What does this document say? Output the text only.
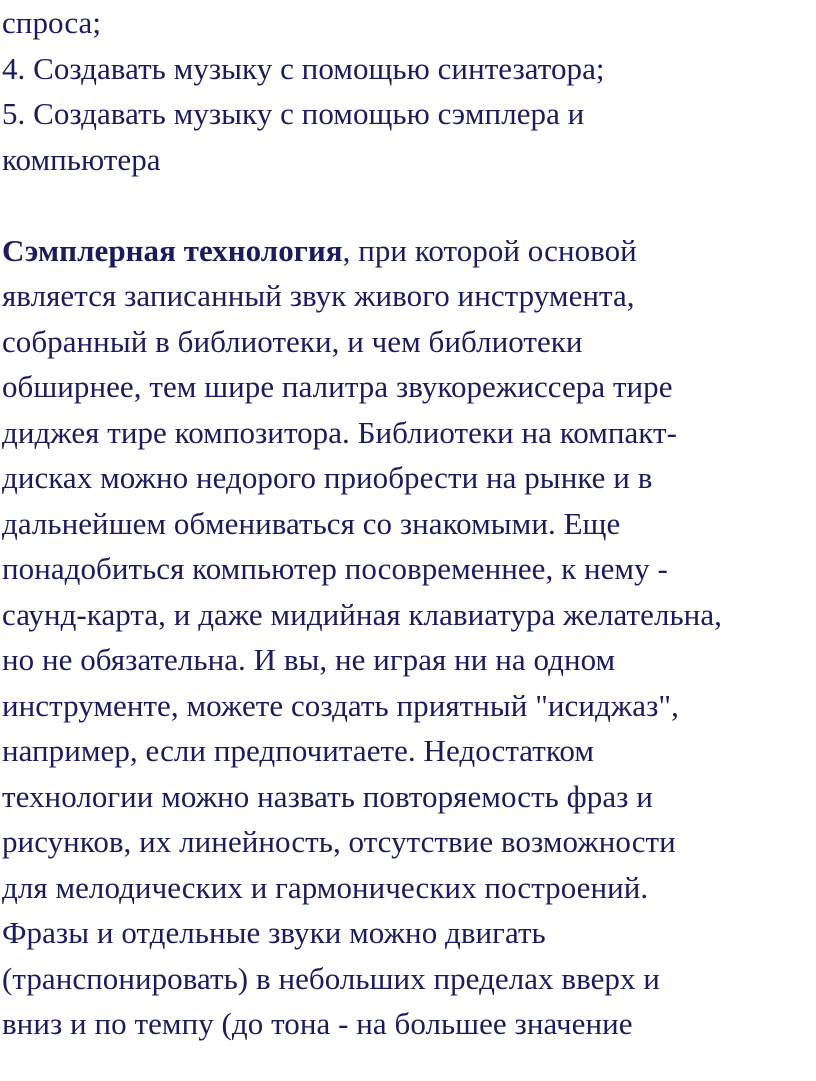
спроса;
4. Создавать музыку с помощью синтезатора;
5. Создавать музыку с помощью сэмплера и
компьютера
Сэмплерная технология, при которой основой
является записанный звук живого инструмента,
собранный в библиотеки, и чем библиотеки
обширнее, тем шире палитра звукорежиссера тире
диджея тире композитора. Библиотеки на компакт-
дисках можно недорого приобрести на рынке и в
дальнейшем обмениваться со знакомыми. Еще
понадобиться компьютер посовременнее, к нему -
саунд-карта, и даже мидийная клавиатура желательна,
но не обязательна. И вы, не играя ни на одном
инструменте, можете создать приятный "исиджаз",
например, если предпочитаете. Недостатком
технологии можно назвать повторяемость фраз и
рисунков, их линейность, отсутствие возможности
для мелодических и гармонических построений.
Фразы и отдельные звуки можно двигать
(транспонировать) в небольших пределах вверх и
вниз и по темпу (до тона - на большее значение
